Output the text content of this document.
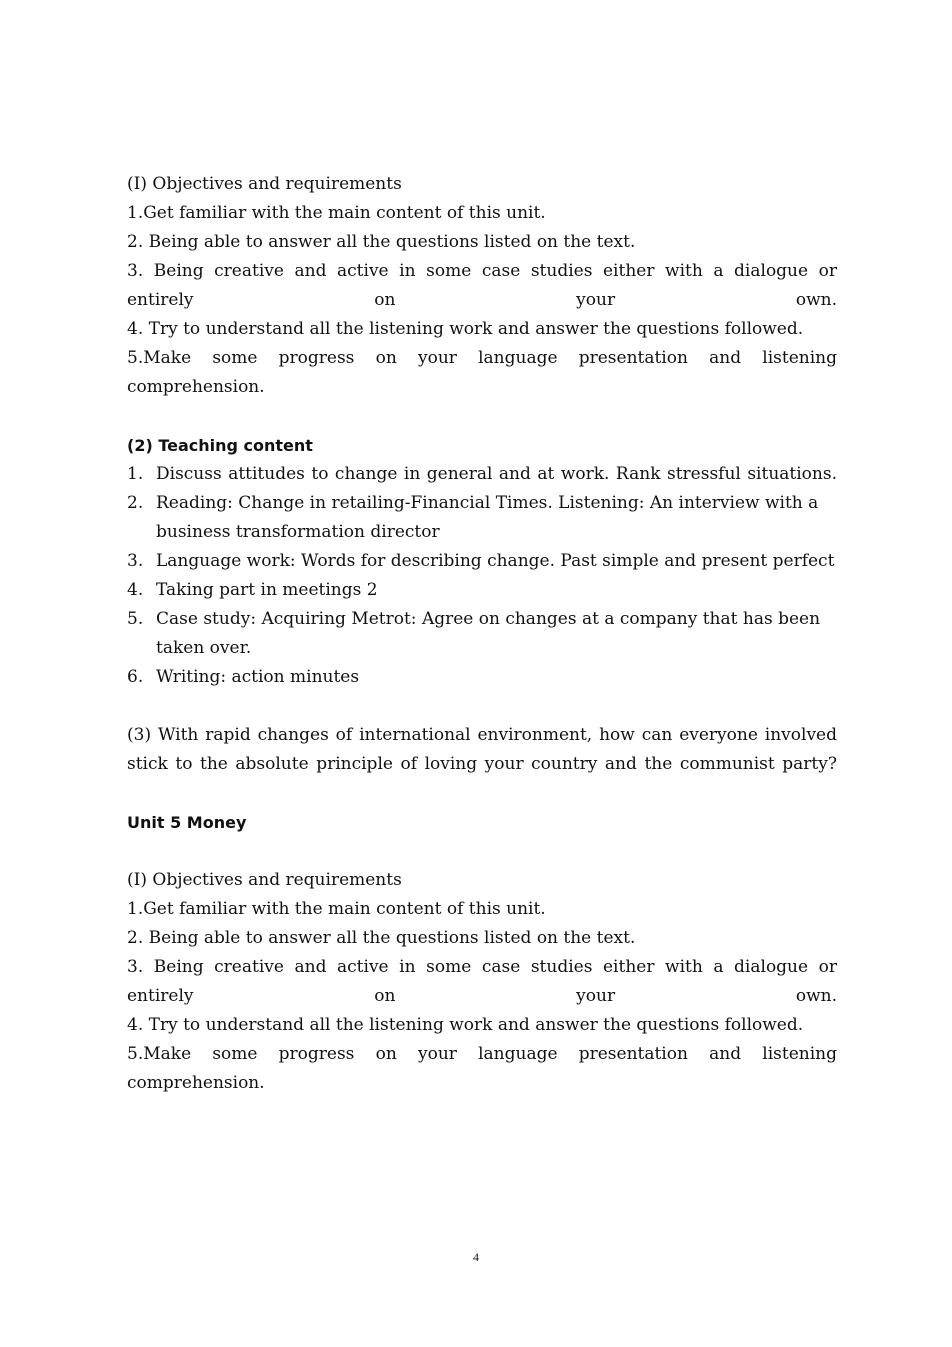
(Ⅰ) Objectives and requirements

1.Get familiar with the main content of this unit.

2. Being able to answer all the questions listed on the text.

3. Being creative and active in some case studies either with a dialogue or entirely on your own.

4. Try to understand all the listening work and answer the questions followed.

5.Make some progress on your language presentation and listening comprehension.

(2) Teaching content

1. Discuss attitudes to change in general and at work. Rank stressful situations.
2. Reading: Change in retailing-Financial Times. Listening: An interview with a business transformation director
3. Language work: Words for describing change. Past simple and present perfect
4. Taking part in meetings 2
5. Case study: Acquiring Metrot: Agree on changes at a company that has been taken over.
6. Writing: action minutes

(3) With rapid changes of international environment, how can everyone involved stick to the absolute principle of loving your country and the communist party?

Unit 5 Money

(Ⅰ) Objectives and requirements

1.Get familiar with the main content of this unit.

2. Being able to answer all the questions listed on the text.

3. Being creative and active in some case studies either with a dialogue or entirely on your own.

4. Try to understand all the listening work and answer the questions followed.

5.Make some progress on your language presentation and listening comprehension.

4
